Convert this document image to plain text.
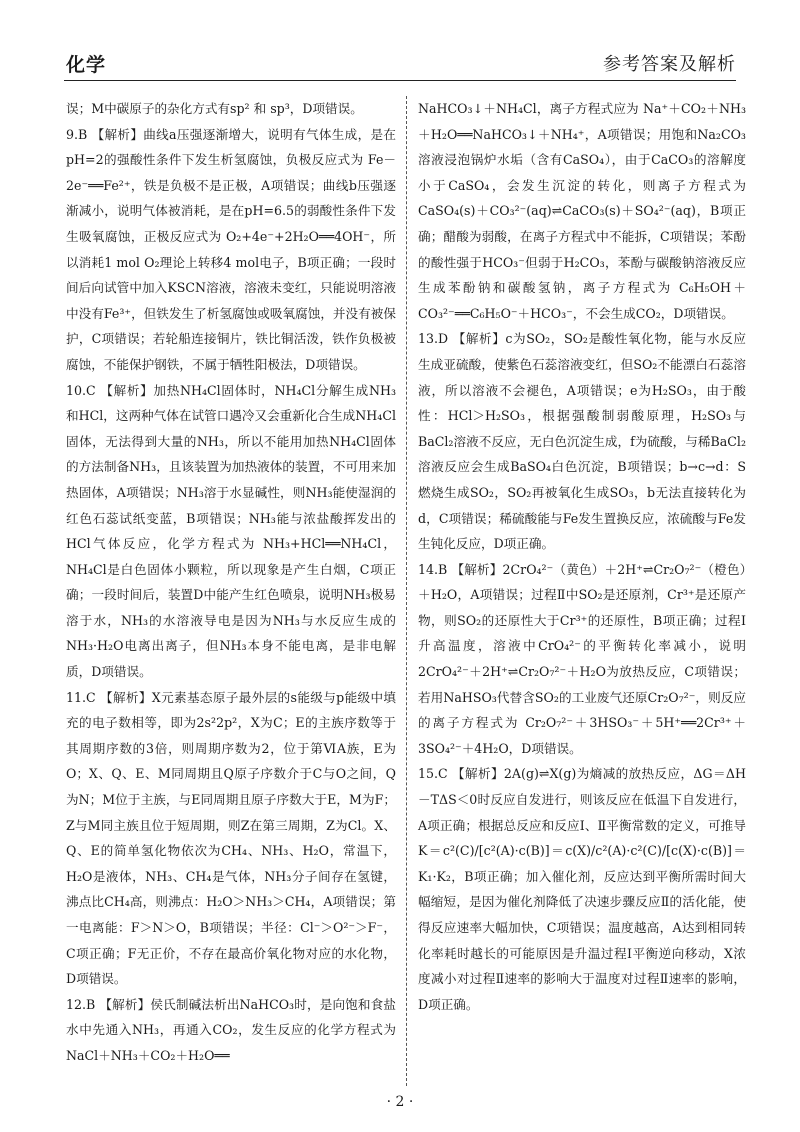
化学	参考答案及解析

误；M中碳原子的杂化方式有sp² 和 sp³，D项错误。

9.B 【解析】曲线a压强逐渐增大，说明有气体生成，是在pH=2的强酸性条件下发生析氢腐蚀，负极反应式为 Fe－2e⁻══Fe²⁺，铁是负极不是正极，A项错误；曲线b压强逐渐减小，说明气体被消耗，是在pH=6.5的弱酸性条件下发生吸氧腐蚀，正极反应式为 O₂+4e⁻+2H₂O══4OH⁻，所以消耗1 mol O₂理论上转移4 mol电子，B项正确；一段时间后向试管中加入KSCN溶液，溶液未变红，只能说明溶液中没有Fe³⁺，但铁发生了析氢腐蚀或吸氧腐蚀，并没有被保护，C项错误；若轮船连接铜片，铁比铜活泼，铁作负极被腐蚀，不能保护钢铁，不属于牺牲阳极法，D项错误。

10.C 【解析】加热NH₄Cl固体时，NH₄Cl分解生成NH₃和HCl，这两种气体在试管口遇冷又会重新化合生成NH₄Cl固体，无法得到大量的NH₃，所以不能用加热NH₄Cl固体的方法制备NH₃，且该装置为加热液体的装置，不可用来加热固体，A项错误；NH₃溶于水显碱性，则NH₃能使湿润的红色石蕊试纸变蓝，B项错误；NH₃能与浓盐酸挥发出的HCl气体反应，化学方程式为 NH₃+HCl══NH₄Cl，NH₄Cl是白色固体小颗粒，所以现象是产生白烟，C项正确；一段时间后，装置D中能产生红色喷泉，说明NH₃极易溶于水，NH₃的水溶液导电是因为NH₃与水反应生成的NH₃·H₂O电离出离子，但NH₃本身不能电离，是非电解质，D项错误。

11.C 【解析】X元素基态原子最外层的s能级与p能级中填充的电子数相等，即为2s²2p²，X为C；E的主族序数等于其周期序数的3倍，则周期序数为2，位于第ⅥA族，E为O；X、Q、E、M同周期且Q原子序数介于C与O之间，Q为N；M位于主族，与E同周期且原子序数大于E，M为F；Z与M同主族且位于短周期，则Z在第三周期，Z为Cl。X、Q、E的简单氢化物依次为CH₄、NH₃、H₂O，常温下，H₂O是液体，NH₃、CH₄是气体，NH₃分子间存在氢键，沸点比CH₄高，则沸点：H₂O＞NH₃＞CH₄，A项错误；第一电离能：F＞N＞O，B项错误；半径：Cl⁻＞O²⁻＞F⁻，C项正确；F无正价，不存在最高价氧化物对应的水化物，D项错误。

12.B 【解析】侯氏制碱法析出NaHCO₃时，是向饱和食盐水中先通入NH₃，再通入CO₂，发生反应的化学方程式为 NaCl＋NH₃＋CO₂＋H₂O══

NaHCO₃↓＋NH₄Cl，离子方程式应为 Na⁺＋CO₂＋NH₃＋H₂O══NaHCO₃↓＋NH₄⁺，A项错误；用饱和Na₂CO₃溶液浸泡锅炉水垢（含有CaSO₄），由于CaCO₃的溶解度小于CaSO₄，会发生沉淀的转化，则离子方程式为 CaSO₄(s)＋CO₃²⁻(aq)⇌CaCO₃(s)＋SO₄²⁻(aq)，B项正确；醋酸为弱酸，在离子方程式中不能拆，C项错误；苯酚的酸性强于HCO₃⁻但弱于H₂CO₃，苯酚与碳酸钠溶液反应生成苯酚钠和碳酸氢钠，离子方程式为 C₆H₅OH＋CO₃²⁻══C₆H₅O⁻＋HCO₃⁻，不会生成CO₂，D项错误。

13.D 【解析】c为SO₂，SO₂是酸性氧化物，能与水反应生成亚硫酸，使紫色石蕊溶液变红，但SO₂不能漂白石蕊溶液，所以溶液不会褪色，A项错误；e为H₂SO₃，由于酸性：HCl＞H₂SO₃，根据强酸制弱酸原理，H₂SO₃与BaCl₂溶液不反应，无白色沉淀生成，f为硫酸，与稀BaCl₂溶液反应会生成BaSO₄白色沉淀，B项错误；b→c→d：S燃烧生成SO₂，SO₂再被氧化生成SO₃，b无法直接转化为d，C项错误；稀硫酸能与Fe发生置换反应，浓硫酸与Fe发生钝化反应，D项正确。

14.B 【解析】2CrO₄²⁻（黄色）＋2H⁺⇌Cr₂O₇²⁻（橙色）＋H₂O，A项错误；过程Ⅱ中SO₂是还原剂，Cr³⁺是还原产物，则SO₂的还原性大于Cr³⁺的还原性，B项正确；过程Ⅰ升高温度，溶液中CrO₄²⁻的平衡转化率减小，说明 2CrO₄²⁻＋2H⁺⇌Cr₂O₇²⁻＋H₂O为放热反应，C项错误；若用NaHSO₃代替含SO₂的工业废气还原Cr₂O₇²⁻，则反应的离子方程式为 Cr₂O₇²⁻＋3HSO₃⁻＋5H⁺══2Cr³⁺＋3SO₄²⁻＋4H₂O，D项错误。

15.C 【解析】2A(g)⇌X(g)为熵减的放热反应，ΔG＝ΔH－TΔS＜0时反应自发进行，则该反应在低温下自发进行，A项正确；根据总反应和反应Ⅰ、Ⅱ平衡常数的定义，可推导 K＝c²(C)/[c²(A)·c(B)]＝c(X)/c²(A)·c²(C)/[c(X)·c(B)]＝K₁·K₂，B项正确；加入催化剂，反应达到平衡所需时间大幅缩短，是因为催化剂降低了决速步骤反应Ⅱ的活化能，使得反应速率大幅加快，C项错误；温度越高，A达到相同转化率耗时越长的可能原因是升温过程Ⅰ平衡逆向移动，X浓度减小对过程Ⅱ速率的影响大于温度对过程Ⅱ速率的影响，D项正确。

· 2 ·
